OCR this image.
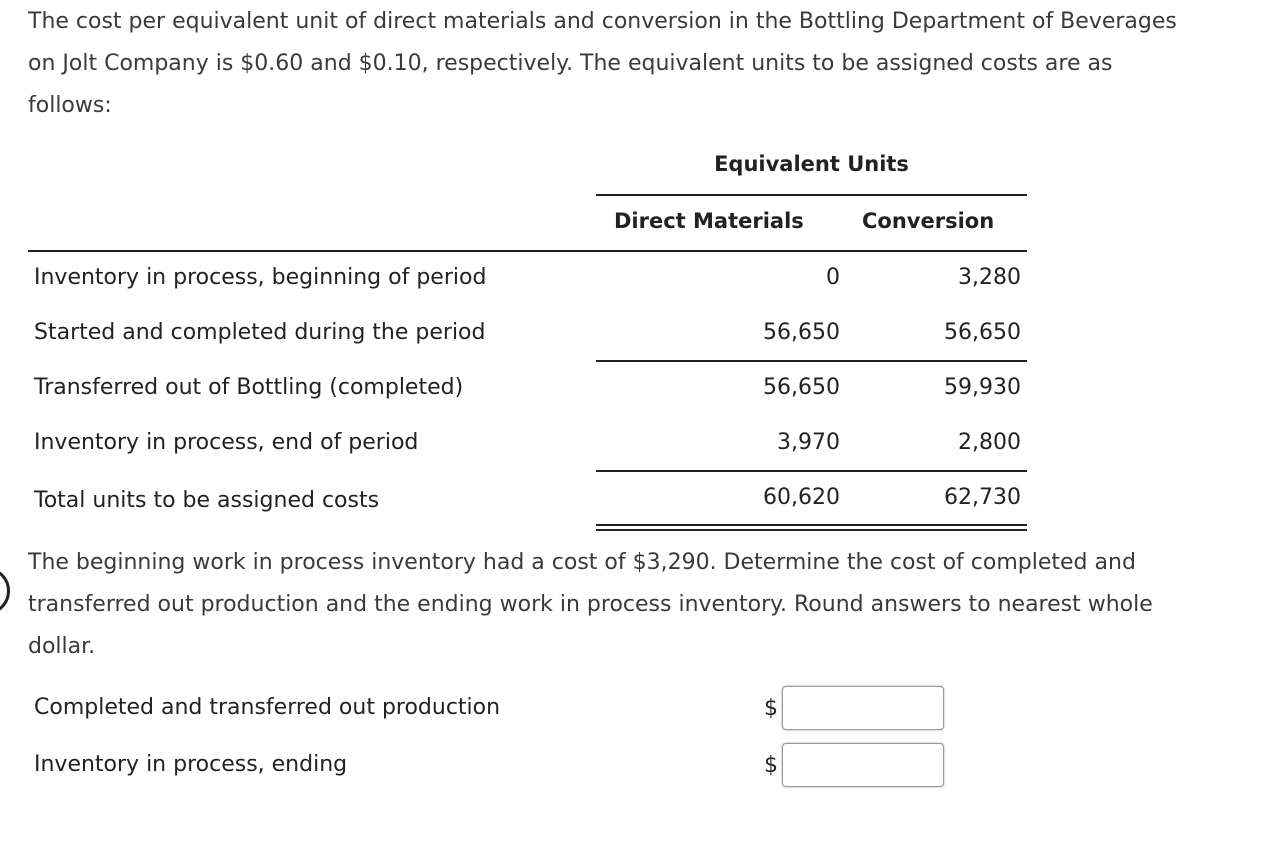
The cost per equivalent unit of direct materials and conversion in the Bottling Department of Beverages
on Jolt Company is $0.60 and $0.10, respectively. The equivalent units to be assigned costs are as
follows:

Equivalent Units
Direct Materials	Conversion
Inventory in process, beginning of period	0	3,280
Started and completed during the period	56,650	56,650
Transferred out of Bottling (completed)	56,650	59,930
Inventory in process, end of period	3,970	2,800
Total units to be assigned costs	60,620	62,730

The beginning work in process inventory had a cost of $3,290. Determine the cost of completed and
transferred out production and the ending work in process inventory. Round answers to nearest whole
dollar.

Completed and transferred out production	$
Inventory in process, ending	$
